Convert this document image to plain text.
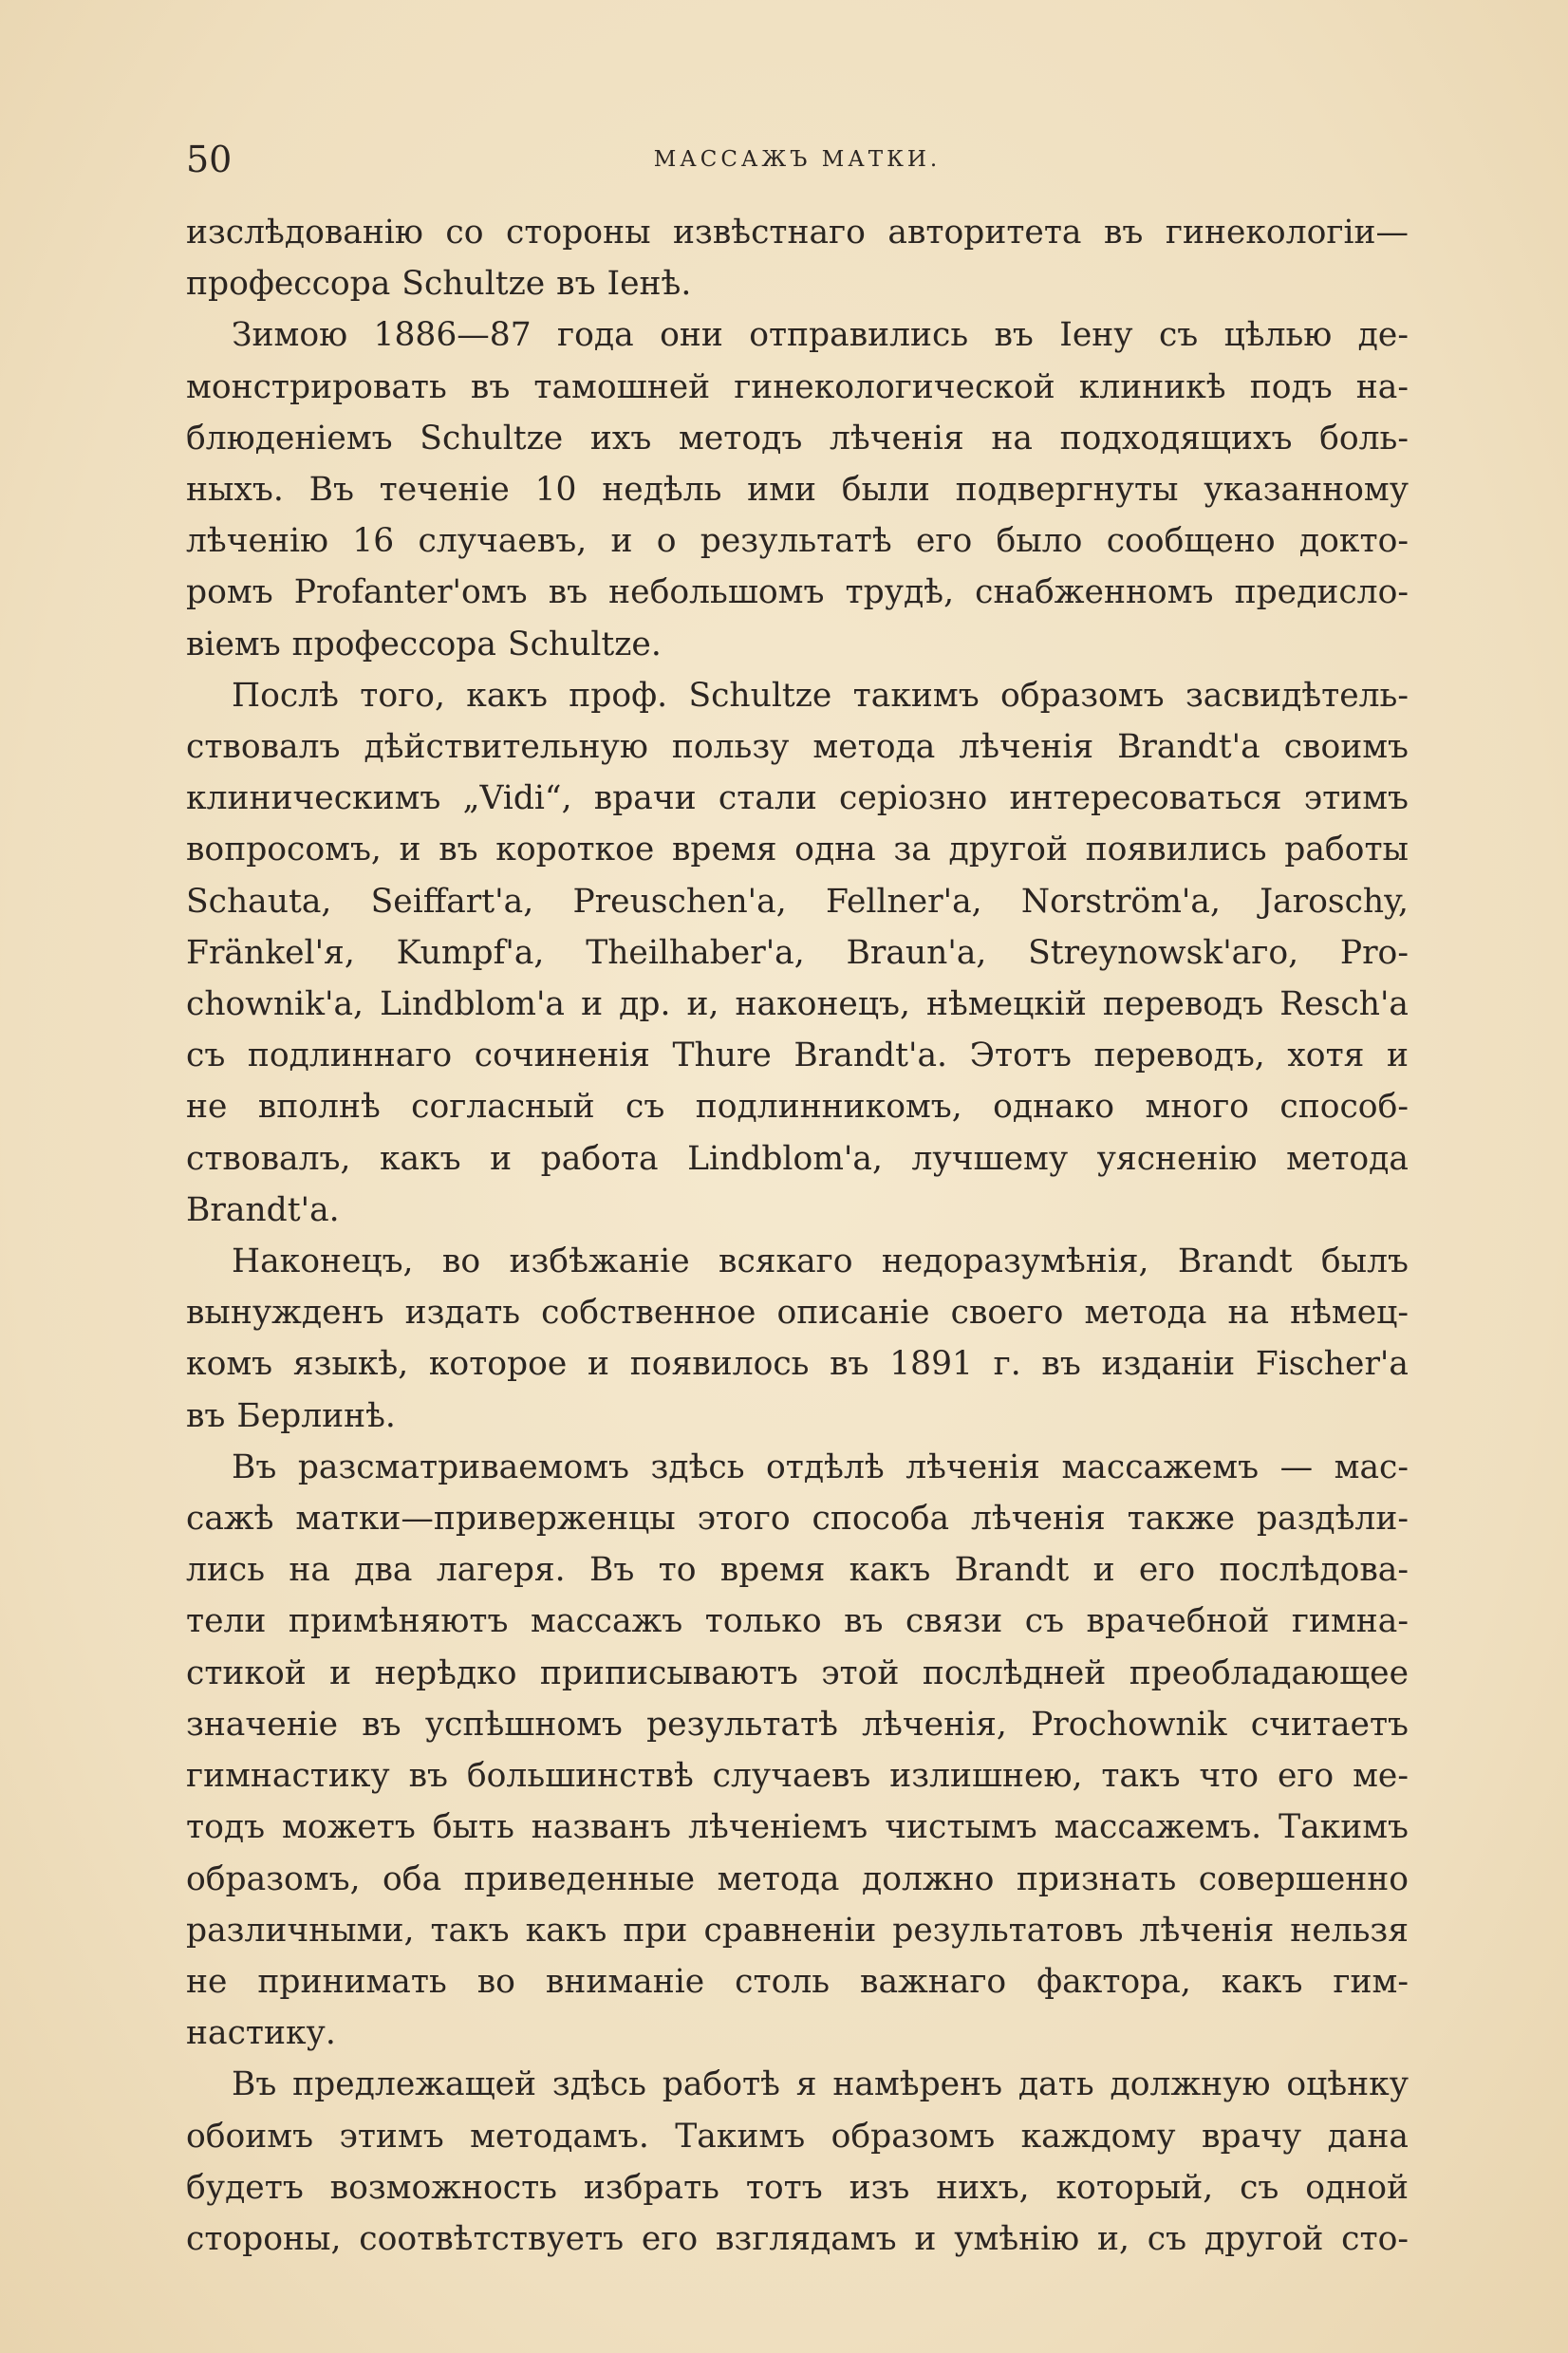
50	МАССАЖЪ МАТКИ.

изслѣдованію со стороны извѣстнаго авторитета въ гинекологіи—
профессора Schultze въ Іенѣ.

Зимою 1886—87 года они отправились въ Іену съ цѣлью де-
монстрировать въ тамошней гинекологической клиникѣ подъ на-
блюденіемъ Schultze ихъ методъ лѣченія на подходящихъ боль-
ныхъ. Въ теченіе 10 недѣль ими были подвергнуты указанному
лѣченію 16 случаевъ, и о результатѣ его было сообщено докто-
ромъ Profanter'омъ въ небольшомъ трудѣ, снабженномъ предисло-
віемъ профессора Schultze.

Послѣ того, какъ проф. Schultze такимъ образомъ засвидѣтель-
ствовалъ дѣйствительную пользу метода лѣченія Brandt'а своимъ
клиническимъ „Vidi“, врачи стали серіозно интересоваться этимъ
вопросомъ, и въ короткое время одна за другой появились работы
Schauta, Seiffart'а, Preuschen'а, Fellner'а, Norström'а, Jaroschy,
Fränkel'я, Kumpf'а, Theilhaber'а, Braun'а, Streynowsk'аго, Pro-
chownik'а, Lindblom'а и др. и, наконецъ, нѣмецкій переводъ Resch'а
съ подлиннаго сочиненія Thure Brandt'а. Этотъ переводъ, хотя и
не вполнѣ согласный съ подлинникомъ, однако много способ-
ствовалъ, какъ и работа Lindblom'а, лучшему уясненію метода
Brandt'а.

Наконецъ, во избѣжаніе всякаго недоразумѣнія, Brandt былъ
вынужденъ издать собственное описаніе своего метода на нѣмец-
комъ языкѣ, которое и появилось въ 1891 г. въ изданіи Fischer'а
въ Берлинѣ.

Въ разсматриваемомъ здѣсь отдѣлѣ лѣченія массажемъ — мас-
сажѣ матки—приверженцы этого способа лѣченія также раздѣли-
лись на два лагеря. Въ то время какъ Brandt и его послѣдова-
тели примѣняютъ массажъ только въ связи съ врачебной гимна-
стикой и нерѣдко приписываютъ этой послѣдней преобладающее
значеніе въ успѣшномъ результатѣ лѣченія, Prochownik считаетъ
гимнастику въ большинствѣ случаевъ излишнею, такъ что его ме-
тодъ можетъ быть названъ лѣченіемъ чистымъ массажемъ. Такимъ
образомъ, оба приведенные метода должно признать совершенно
различными, такъ какъ при сравненіи результатовъ лѣченія нельзя
не принимать во вниманіе столь важнаго фактора, какъ гим-
настику.

Въ предлежащей здѣсь работѣ я намѣренъ дать должную оцѣнку
обоимъ этимъ методамъ. Такимъ образомъ каждому врачу дана
будетъ возможность избрать тотъ изъ нихъ, который, съ одной
стороны, соотвѣтствуетъ его взглядамъ и умѣнію и, съ другой сто-
